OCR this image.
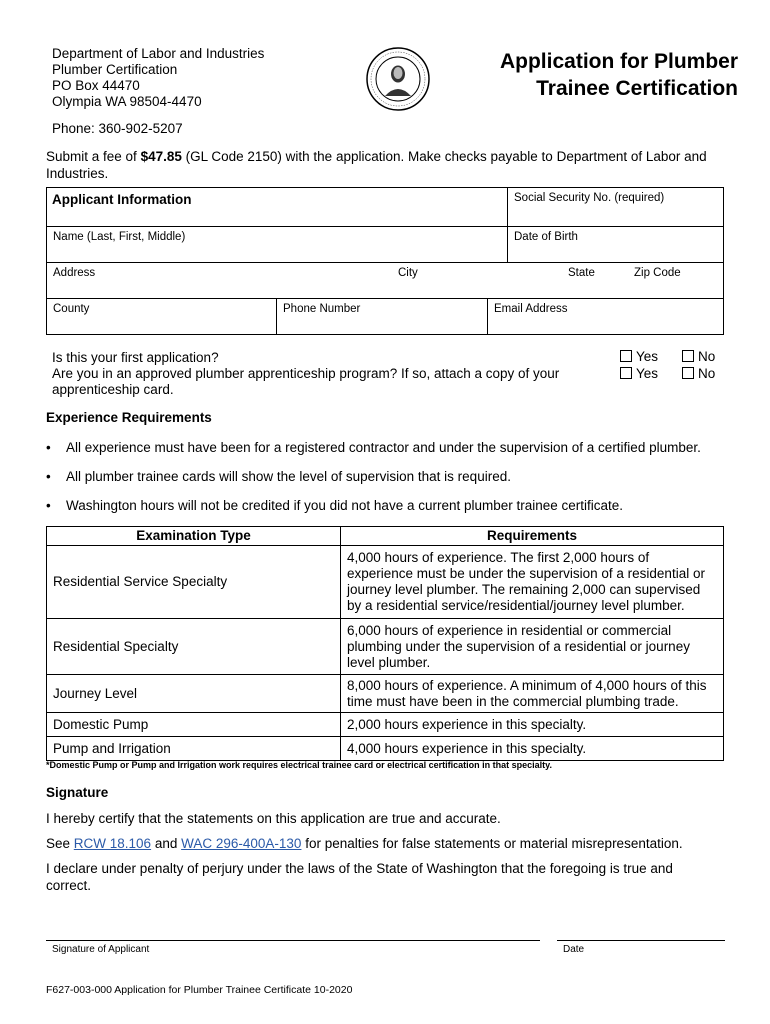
Department of Labor and Industries
Plumber Certification
PO Box 44470
Olympia WA 98504-4470
Phone: 360-902-5207
Application for Plumber
Trainee Certification
Submit a fee of $47.85 (GL Code 2150) with the application. Make checks payable to Department of Labor and Industries.
Applicant Information	Social Security No. (required)
Name (Last, First, Middle)	Date of Birth
Address	City	State	Zip Code
County	Phone Number	Email Address
Is this your first application?
Are you in an approved plumber apprenticeship program? If so, attach a copy of your apprenticeship card.
Yes	No
Yes	No
Experience Requirements
• All experience must have been for a registered contractor and under the supervision of a certified plumber.
• All plumber trainee cards will show the level of supervision that is required.
• Washington hours will not be credited if you did not have a current plumber trainee certificate.
Examination Type	Requirements
Residential Service Specialty	4,000 hours of experience. The first 2,000 hours of experience must be under the supervision of a residential or journey level plumber. The remaining 2,000 can supervised by a residential service/residential/journey level plumber.
Residential Specialty	6,000 hours of experience in residential or commercial plumbing under the supervision of a residential or journey level plumber.
Journey Level	8,000 hours of experience. A minimum of 4,000 hours of this time must have been in the commercial plumbing trade.
Domestic Pump	2,000 hours experience in this specialty.
Pump and Irrigation	4,000 hours experience in this specialty.
*Domestic Pump or Pump and Irrigation work requires electrical trainee card or electrical certification in that specialty.
Signature
I hereby certify that the statements on this application are true and accurate.
See RCW 18.106 and WAC 296-400A-130 for penalties for false statements or material misrepresentation.
I declare under penalty of perjury under the laws of the State of Washington that the foregoing is true and correct.
Signature of Applicant	Date
F627-003-000 Application for Plumber Trainee Certificate 10-2020
